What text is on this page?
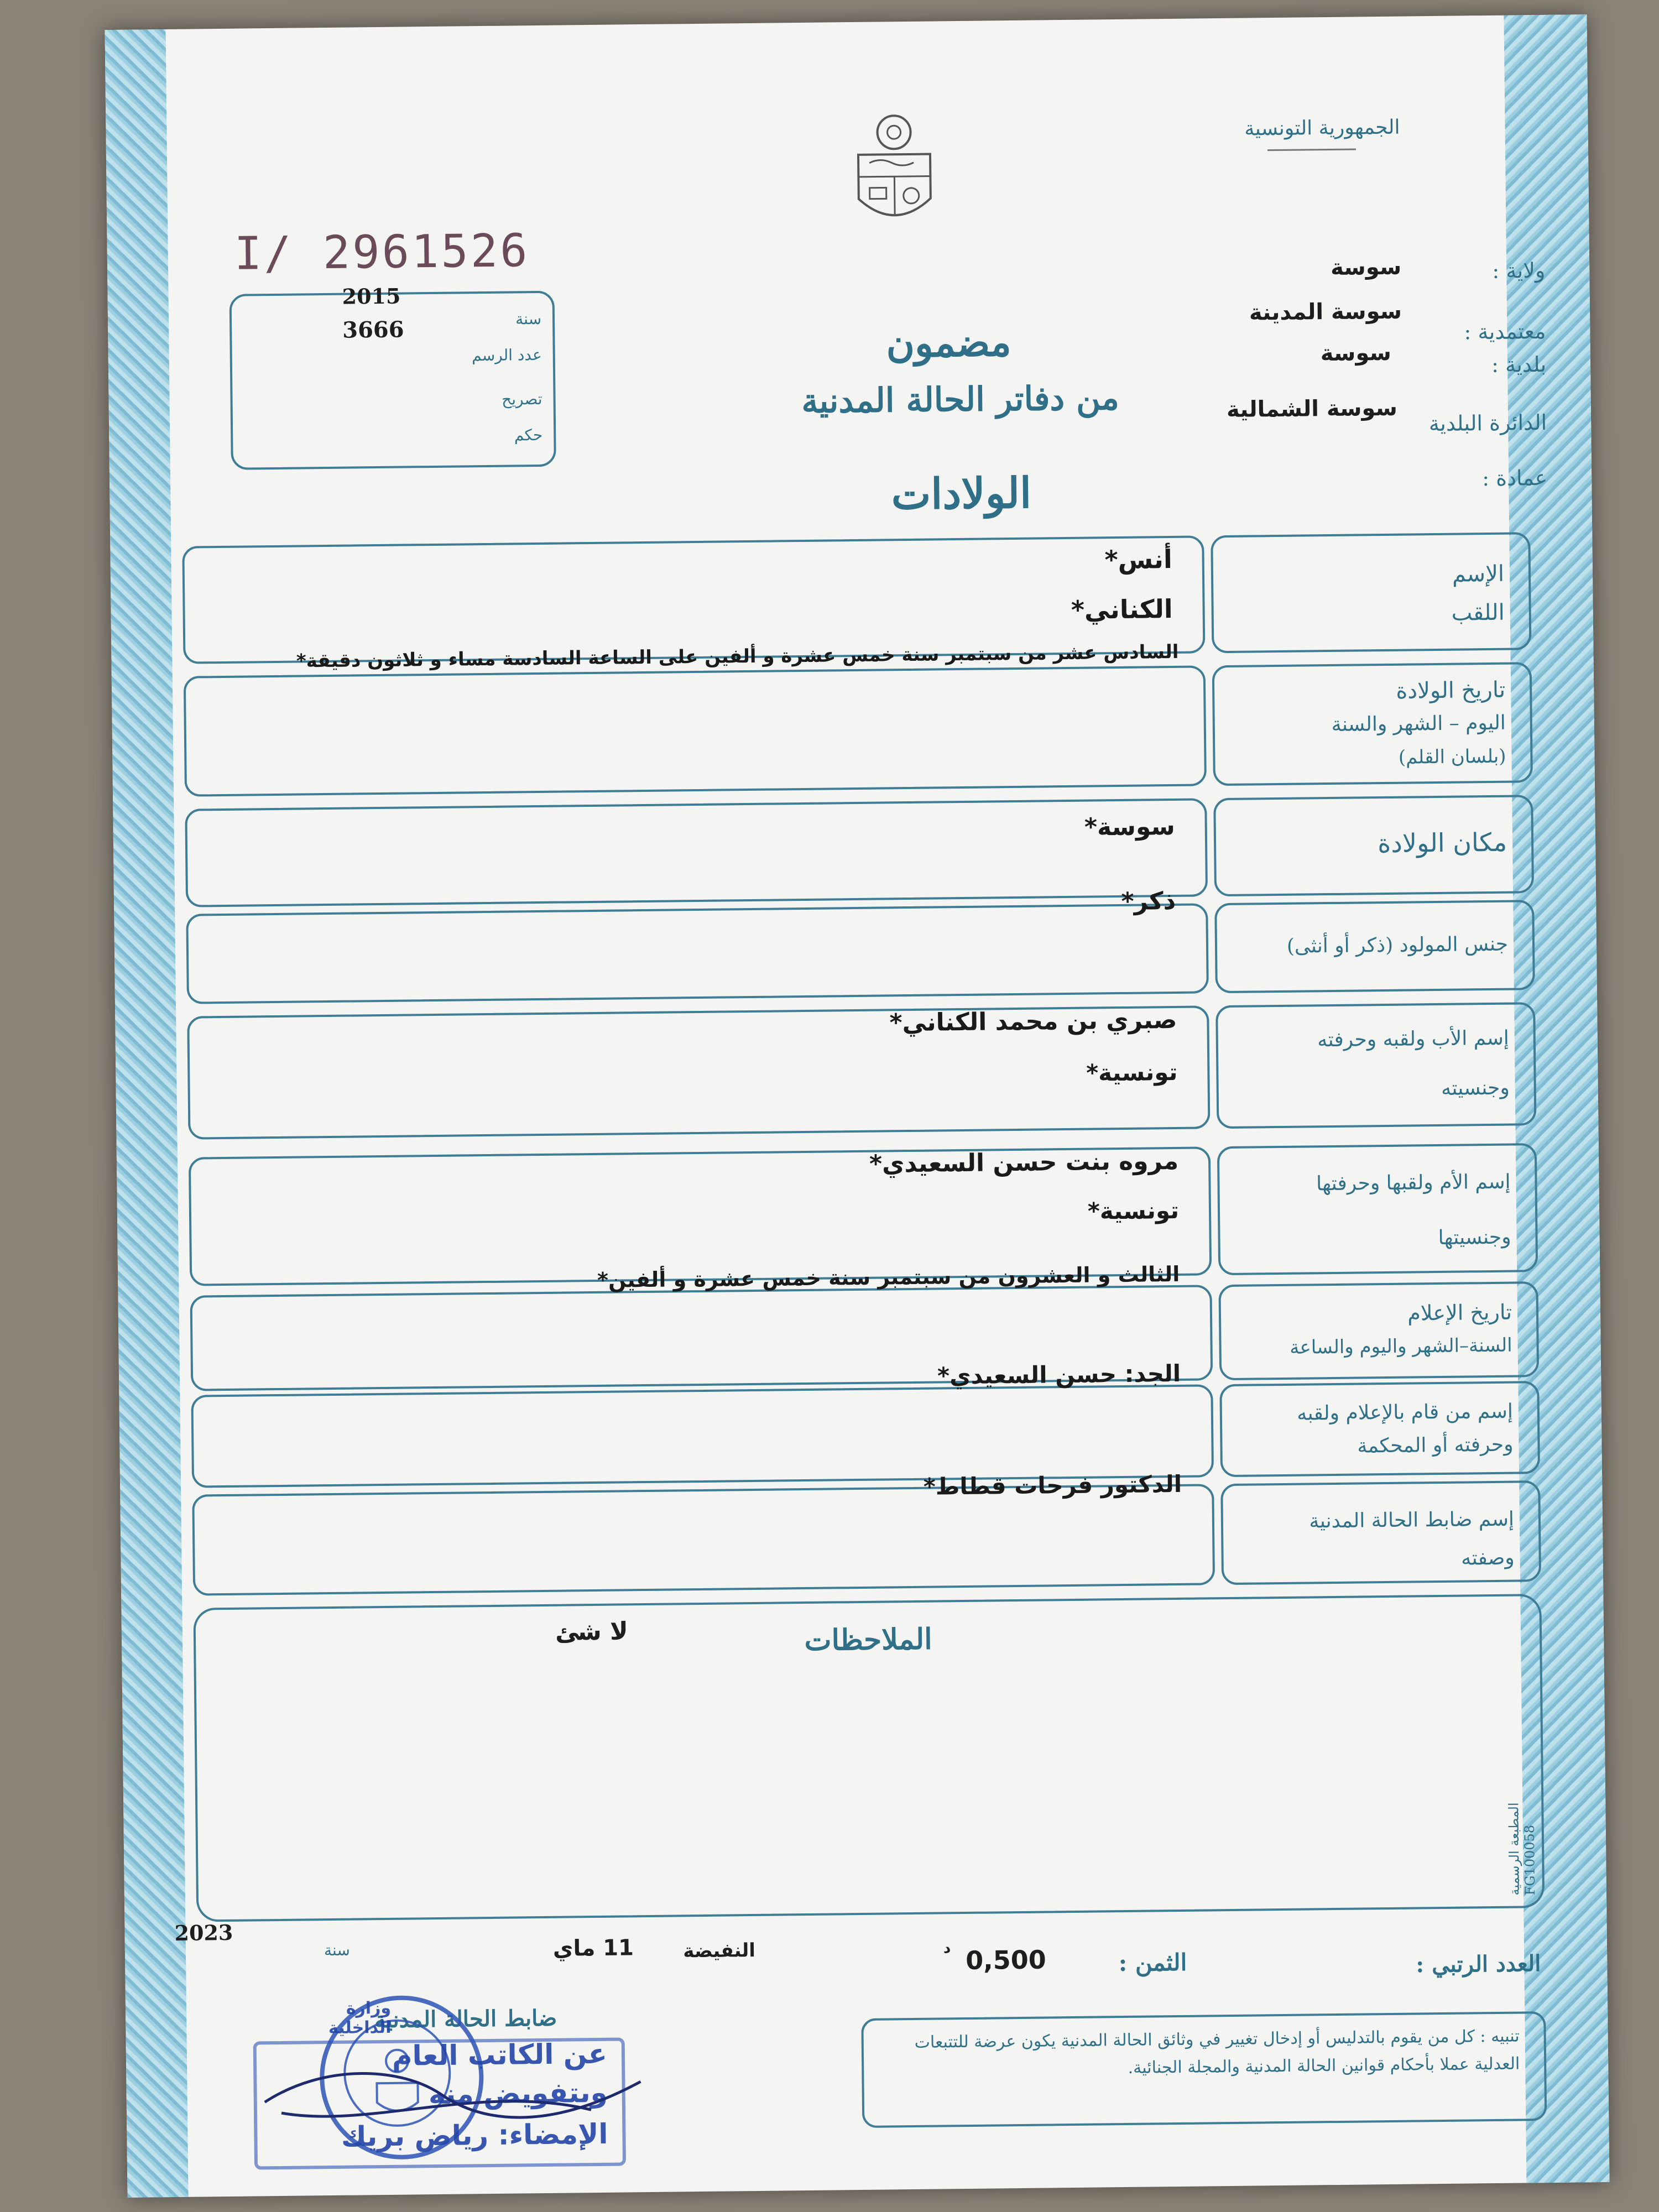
الجمهورية التونسية
I/ 2961526
2015
3666	سنة
عدد الرسم
تصريح
حكم
ولاية :
سوسة
معتمدية :
سوسة المدينة
بلدية :
سوسة
الدائرة البلدية
سوسة الشمالية
عمادة :
مضمون
من دفاتر الحالة المدنية
الولادات
الإسم
اللقب
أنس*
الكناني*
تاريخ الولادة
اليوم – الشهر والسنة
(بلسان القلم)
السادس عشر من سبتمبر سنة خمس عشرة و ألفين على الساعة السادسة مساء و ثلاثون دقيقة*
مكان الولادة
سوسة*
جنس المولود (ذكر أو أنثى)
ذكر*
إسم الأب ولقبه وحرفته
وجنسيته
صبري بن محمد الكناني*
تونسية*
إسم الأم ولقبها وحرفتها
وجنسيتها
مروه بنت حسن السعيدي*
تونسية*
تاريخ الإعلام
السنة–الشهر واليوم والساعة
الثالث و العشرون من سبتمبر سنة خمس عشرة و ألفين*
إسم من قام بالإعلام ولقبه
وحرفته أو المحكمة
الجد: حسن السعيدي*
إسم ضابط الحالة المدنية
وصفته
الدكتور فرحات قطاط*
الملاحظات
لا شئ
المطبعة الرسمية FG100058
2023
سنة	11 ماي	النفيضة	الثمن :
0,500
د
العدد الرتبي :
ضابط الحالة المدنية
تنبيه : كل من يقوم بالتدليس أو إدخال تغيير في وثائق الحالة المدنية يكون عرضة للتتبعات العدلية عملا بأحكام قوانين الحالة المدنية والمجلة الجنائية.
وزارة الداخلية
عن الكاتب العام
وبتفويض منه
الإمضاء: رياض بريك
